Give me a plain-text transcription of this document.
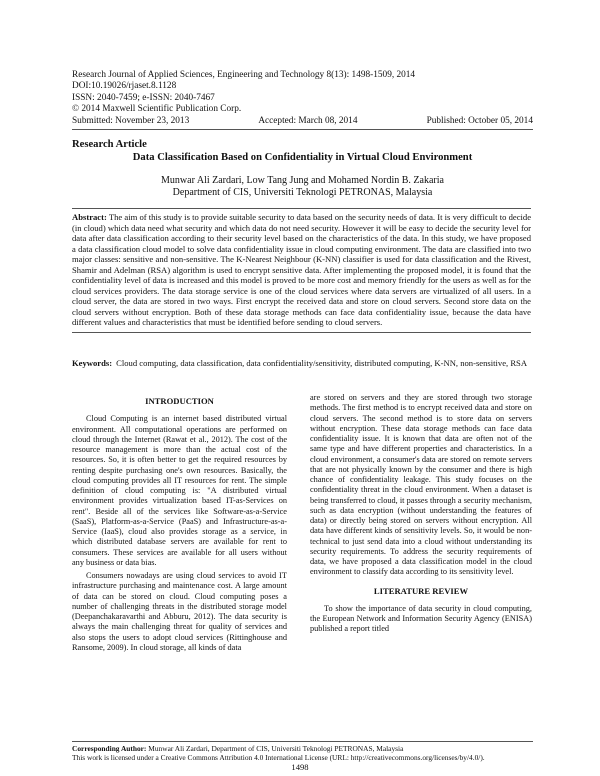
Research Journal of Applied Sciences, Engineering and Technology 8(13): 1498-1509, 2014
DOI:10.19026/rjaset.8.1128
ISSN: 2040-7459; e-ISSN: 2040-7467
© 2014 Maxwell Scientific Publication Corp.
Submitted: November 23, 2013	Accepted: March 08, 2014	Published: October 05, 2014
Research Article
Data Classification Based on Confidentiality in Virtual Cloud Environment
Munwar Ali Zardari, Low Tang Jung and Mohamed Nordin B. Zakaria
Department of CIS, Universiti Teknologi PETRONAS, Malaysia
Abstract: The aim of this study is to provide suitable security to data based on the security needs of data. It is very difficult to decide (in cloud) which data need what security and which data do not need security. However it will be easy to decide the security level for data after data classification according to their security level based on the characteristics of the data. In this study, we have proposed a data classification cloud model to solve data confidentiality issue in cloud computing environment. The data are classified into two major classes: sensitive and non-sensitive. The K-Nearest Neighbour (K-NN) classifier is used for data classification and the Rivest, Shamir and Adelman (RSA) algorithm is used to encrypt sensitive data. After implementing the proposed model, it is found that the confidentiality level of data is increased and this model is proved to be more cost and memory friendly for the users as well as for the cloud services providers. The data storage service is one of the cloud services where data servers are virtualized of all users. In a cloud server, the data are stored in two ways. First encrypt the received data and store on cloud servers. Second store data on the cloud servers without encryption. Both of these data storage methods can face data confidentiality issue, because the data have different values and characteristics that must be identified before sending to cloud servers.
Keywords: Cloud computing, data classification, data confidentiality/sensitivity, distributed computing, K-NN, non-sensitive, RSA
INTRODUCTION

Cloud Computing is an internet based distributed virtual environment. All computational operations are performed on cloud through the Internet (Rawat et al., 2012). The cost of the resource management is more than the actual cost of the resources. So, it is often better to get the required resources by renting despite purchasing one's own resources. Basically, the cloud computing provides all IT resources for rent. The simple definition of cloud computing is: "A distributed virtual environment provides virtualization based IT-as-Services on rent". Beside all of the services like Software-as-a-Service (SaaS), Platform-as-a-Service (PaaS) and Infrastructure-as-a-Service (IaaS), cloud also provides storage as a service, in which distributed database servers are available for rent to consumers. These services are available for all users without any business or data bias.

Consumers nowadays are using cloud services to avoid IT infrastructure purchasing and maintenance cost. A large amount of data can be stored on cloud. Cloud computing poses a number of challenging threats in the distributed storage model (Deepanchakaravarthi and Abburu, 2012). The data security is always the main challenging threat for quality of services and also stops the users to adopt cloud services (Rittinghouse and Ransome, 2009). In cloud storage, all kinds of data

are stored on servers and they are stored through two storage methods. The first method is to encrypt received data and store on cloud servers. The second method is to store data on servers without encryption. These data storage methods can face data confidentiality issue. It is known that data are often not of the same type and have different properties and characteristics. In a cloud environment, a consumer's data are stored on remote servers that are not physically known by the consumer and there is high chance of confidentiality leakage. This study focuses on the confidentiality threat in the cloud environment. When a dataset is being transferred to cloud, it passes through a security mechanism, such as data encryption (without understanding the features of data) or directly being stored on servers without encryption. All data have different kinds of sensitivity levels. So, it would be non-technical to just send data into a cloud without understanding its security requirements. To address the security requirements of data, we have proposed a data classification model in the cloud environment to classify data according to its sensitivity level.

LITERATURE REVIEW

To show the importance of data security in cloud computing, the European Network and Information Security Agency (ENISA) published a report titled

Corresponding Author: Munwar Ali Zardari, Department of CIS, Universiti Teknologi PETRONAS, Malaysia
This work is licensed under a Creative Commons Attribution 4.0 International License (URL: http://creativecommons.org/licenses/by/4.0/).
1498
